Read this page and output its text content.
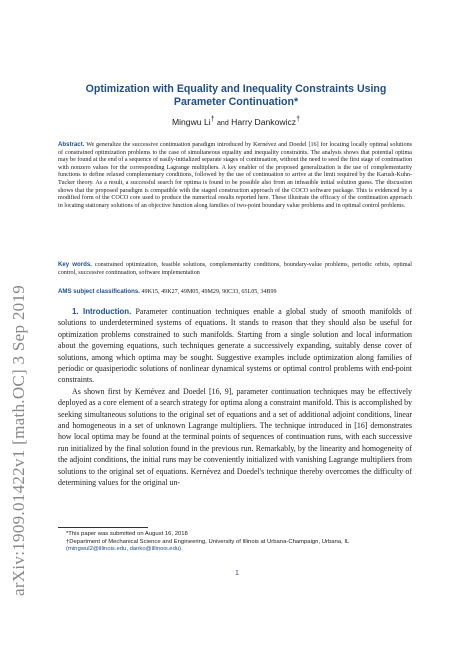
arXiv:1909.01422v1 [math.OC] 3 Sep 2019
Optimization with Equality and Inequality Constraints Using Parameter Continuation*
Mingwu Li† and Harry Dankowicz†
Abstract. We generalize the successive continuation paradigm introduced by Kernévez and Doedel [16] for locating locally optimal solutions of constrained optimization problems to the case of simultaneous equality and inequality constraints. The analysis shows that potential optima may be found at the end of a sequence of easily-initialized separate stages of continuation, without the need to seed the first stage of continuation with nonzero values for the corresponding Lagrange multipliers. A key enabler of the proposed generalization is the use of complementarity functions to define relaxed complementary conditions, followed by the use of continuation to arrive at the limit required by the Karush-Kuhn-Tucker theory. As a result, a successful search for optima is found to be possible also from an infeasible initial solution guess. The discussion shows that the proposed paradigm is compatible with the staged construction approach of the COCO software package. This is evidenced by a modified form of the COCO core used to produce the numerical results reported here. These illustrate the efficacy of the continuation approach in locating stationary solutions of an objective function along families of two-point boundary value problems and in optimal control problems.
Key words. constrained optimization, feasible solutions, complementarity conditions, boundary-value problems, periodic orbits, optimal control, successive continuation, software implementation
AMS subject classifications. 49K15, 49K27, 49M05, 49M29, 90C33, 65L05, 34B99

1. Introduction. Parameter continuation techniques enable a global study of smooth manifolds of solutions to underdetermined systems of equations. It stands to reason that they should also be useful for optimization problems constrained to such manifolds. Starting from a single solution and local information about the governing equations, such techniques generate a successively expanding, suitably dense cover of solutions, among which optima may be sought. Suggestive examples include optimization along families of periodic or quasiperiodic solutions of nonlinear dynamical systems or optimal control problems with end-point constraints.

As shown first by Kernévez and Doedel [16, 9], parameter continuation techniques may be effectively deployed as a core element of a search strategy for optima along a constraint manifold. This is accomplished by seeking simultaneous solutions to the original set of equations and a set of additional adjoint conditions, linear and homogeneous in a set of unknown Lagrange multipliers. The technique introduced in [16] demonstrates how local optima may be found at the terminal points of sequences of continuation runs, with each successive run initialized by the final solution found in the previous run. Remarkably, by the linearity and homogeneity of the adjoint conditions, the initial runs may be conveniently initialized with vanishing Lagrange multipliers from solutions to the original set of equations. Kernévez and Doedel's technique thereby overcomes the difficulty of determining values for the original un-

*This paper was submitted on August 16, 2018
†Department of Mechanical Science and Engineering, University of Illinois at Urbana-Champaign, Urbana, IL
(mingwul2@illinois.edu, danko@illinois.edu).
1
